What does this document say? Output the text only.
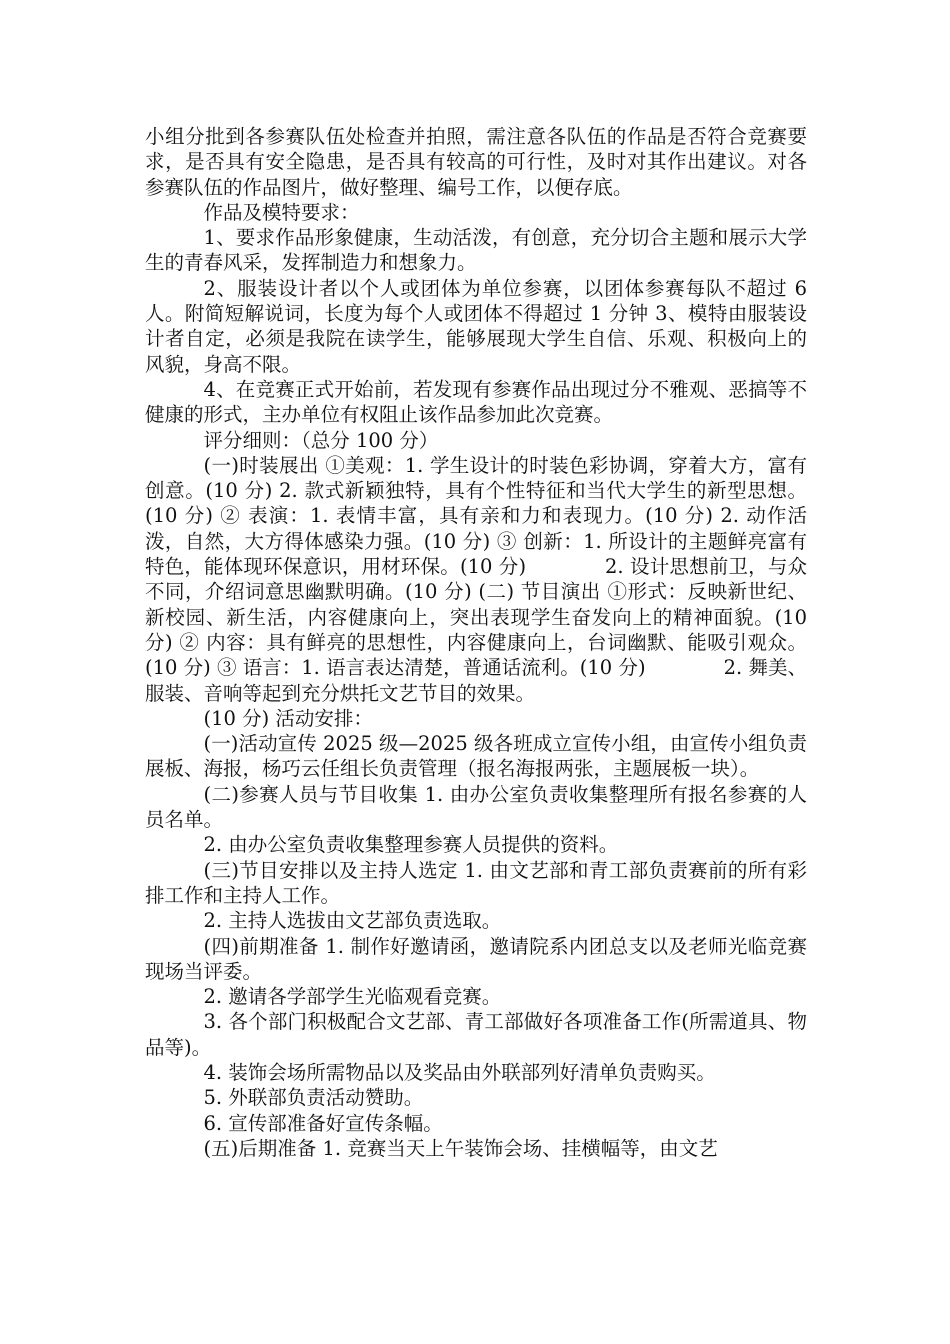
小组分批到各参赛队伍处检查并拍照，需注意各队伍的作品是否符合竞赛要求，是否具有安全隐患，是否具有较高的可行性，及时对其作出建议。对各参赛队伍的作品图片，做好整理、编号工作，以便存底。

作品及模特要求：

1、要求作品形象健康，生动活泼，有创意，充分切合主题和展示大学生的青春风采，发挥制造力和想象力。

2、服装设计者以个人或团体为单位参赛，以团体参赛每队不超过 6 人。附简短解说词，长度为每个人或团体不得超过 1 分钟 3、模特由服装设计者自定，必须是我院在读学生，能够展现大学生自信、乐观、积极向上的风貌，身高不限。

4、在竞赛正式开始前，若发现有参赛作品出现过分不雅观、恶搞等不健康的形式，主办单位有权阻止该作品参加此次竞赛。

评分细则：（总分 100 分）

(一)时装展出 ①美观：1. 学生设计的时装色彩协调，穿着大方，富有创意。(10 分) 2. 款式新颖独特，具有个性特征和当代大学生的新型思想。(10 分) ② 表演：1. 表情丰富，具有亲和力和表现力。(10 分) 2. 动作活泼，自然，大方得体感染力强。(10 分) ③ 创新：1. 所设计的主题鲜亮富有特色，能体现环保意识，用材环保。(10 分)　　　　2. 设计思想前卫，与众不同，介绍词意思幽默明确。(10 分) (二) 节目演出 ①形式：反映新世纪、新校园、新生活，内容健康向上，突出表现学生奋发向上的精神面貌。(10 分) ② 内容：具有鲜亮的思想性，内容健康向上，台词幽默、能吸引观众。(10 分) ③ 语言：1. 语言表达清楚，普通话流利。(10 分)　　　　2. 舞美、服装、音响等起到充分烘托文艺节目的效果。

(10 分) 活动安排：

(一)活动宣传 2025 级—2025 级各班成立宣传小组，由宣传小组负责展板、海报，杨巧云任组长负责管理（报名海报两张，主题展板一块）。

(二)参赛人员与节目收集 1. 由办公室负责收集整理所有报名参赛的人员名单。

2. 由办公室负责收集整理参赛人员提供的资料。

(三)节目安排以及主持人选定 1. 由文艺部和青工部负责赛前的所有彩排工作和主持人工作。

2. 主持人选拔由文艺部负责选取。

(四)前期准备 1. 制作好邀请函，邀请院系内团总支以及老师光临竞赛现场当评委。

2. 邀请各学部学生光临观看竞赛。

3. 各个部门积极配合文艺部、青工部做好各项准备工作(所需道具、物品等)。

4. 装饰会场所需物品以及奖品由外联部列好清单负责购买。

5. 外联部负责活动赞助。

6. 宣传部准备好宣传条幅。

(五)后期准备 1. 竞赛当天上午装饰会场、挂横幅等，由文艺
